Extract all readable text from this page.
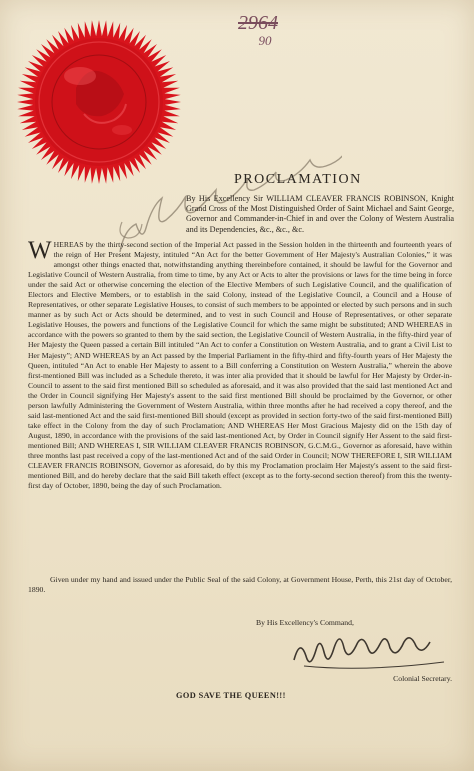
2964
90
PROCLAMATION

By His Excellency Sir WILLIAM CLEAVER FRANCIS ROBINSON, Knight Grand Cross of the Most Distinguished Order of Saint Michael and Saint George, Governor and Commander-in-Chief in and over the Colony of Western Australia and its Dependencies, &c., &c., &c.

WHEREAS by the thirty-second section of the Imperial Act passed in the Session holden in the thirteenth and fourteenth years of the reign of Her Present Majesty, intituled “An Act for the better Government of Her Majesty's Australian Colonies,” it was amongst other things enacted that, notwithstanding anything thereinbefore contained, it should be lawful for the Governor and Legislative Council of Western Australia, from time to time, by any Act or Acts to alter the provisions or laws for the time being in force under the said Act or otherwise concerning the election of the Elective Members of such Legislative Council, and the qualification of Electors and Elective Members, or to establish in the said Colony, instead of the Legislative Council, a Council and a House of Representatives, or other separate Legislative Houses, to consist of such members to be appointed or elected by such persons and in such manner as by such Act or Acts should be determined, and to vest in such Council and House of Representatives, or other separate Legislative Houses, the powers and functions of the Legislative Council for which the same might be substituted; AND WHEREAS in accordance with the powers so granted to them by the said section, the Legislative Council of Western Australia, in the fifty-third year of Her Majesty the Queen passed a certain Bill intituled “An Act to confer a Constitution on Western Australia, and to grant a Civil List to Her Majesty”; AND WHEREAS by an Act passed by the Imperial Parliament in the fifty-third and fifty-fourth years of Her Majesty the Queen, intituled “An Act to enable Her Majesty to assent to a Bill conferring a Constitution on Western Australia,” wherein the above first-mentioned Bill was included as a Schedule thereto, it was inter alia provided that it should be lawful for Her Majesty by Order-in-Council to assent to the said first mentioned Bill so scheduled as aforesaid, and it was also provided that the said last mentioned Act and the Order in Council signifying Her Majesty's assent to the said first mentioned Bill should be proclaimed by the Governor, or other person lawfully Administering the Government of Western Australia, within three months after he had received a copy thereof, and the said last-mentioned Act and the said first-mentioned Bill should (except as provided in section forty-two of the said first-mentioned Bill) take effect in the Colony from the day of such Proclamation; AND WHEREAS Her Most Gracious Majesty did on the 15th day of August, 1890, in accordance with the provisions of the said last-mentioned Act, by Order in Council signify Her Assent to the said first-mentioned Bill; AND WHEREAS I, SIR WILLIAM CLEAVER FRANCIS ROBINSON, G.C.M.G., Governor as aforesaid, have within three months last past received a copy of the last-mentioned Act and of the said Order in Council; NOW THEREFORE I, SIR WILLIAM CLEAVER FRANCIS ROBINSON, Governor as aforesaid, do by this my Proclamation proclaim Her Majesty's assent to the said first-mentioned Bill, and do hereby declare that the said Bill taketh effect (except as to the forty-second section thereof) from this the twenty-first day of October, 1890, being the day of such Proclamation.

Given under my hand and issued under the Public Seal of the said Colony, at Government House, Perth, this 21st day of October, 1890.

By His Excellency's Command,

Colonial Secretary.

GOD SAVE THE QUEEN!!!
